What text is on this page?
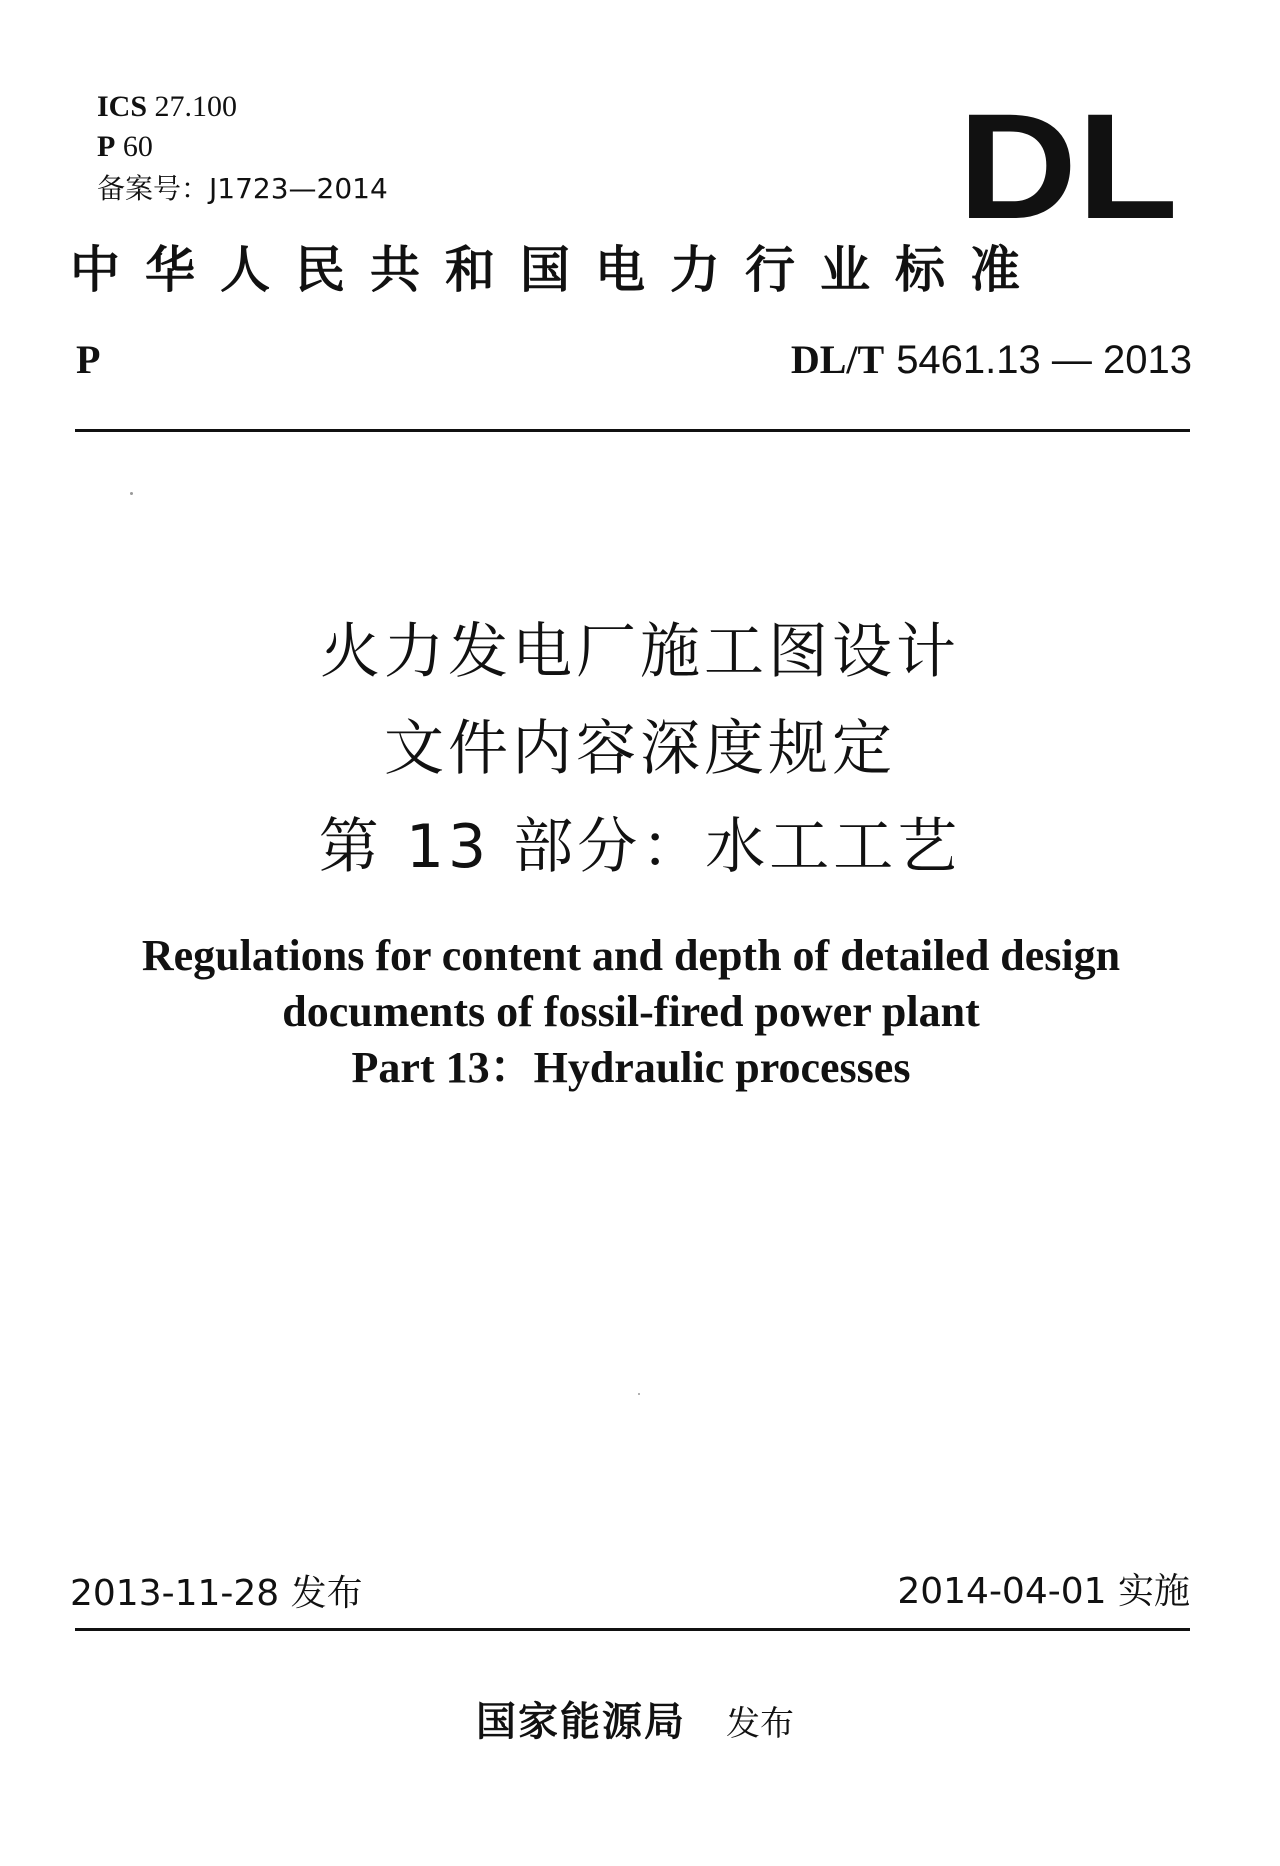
ICS 27.100
P 60
备案号：J1723—2014	DL
中华人民共和国电力行业标准
P	DL/T 5461.13 — 2013
火力发电厂施工图设计
文件内容深度规定
第 13 部分：水工工艺
Regulations for content and depth of detailed design
documents of fossil-fired power plant
Part 13：Hydraulic processes
2013-11-28 发布	2014-04-01 实施
国家能源局 发布
